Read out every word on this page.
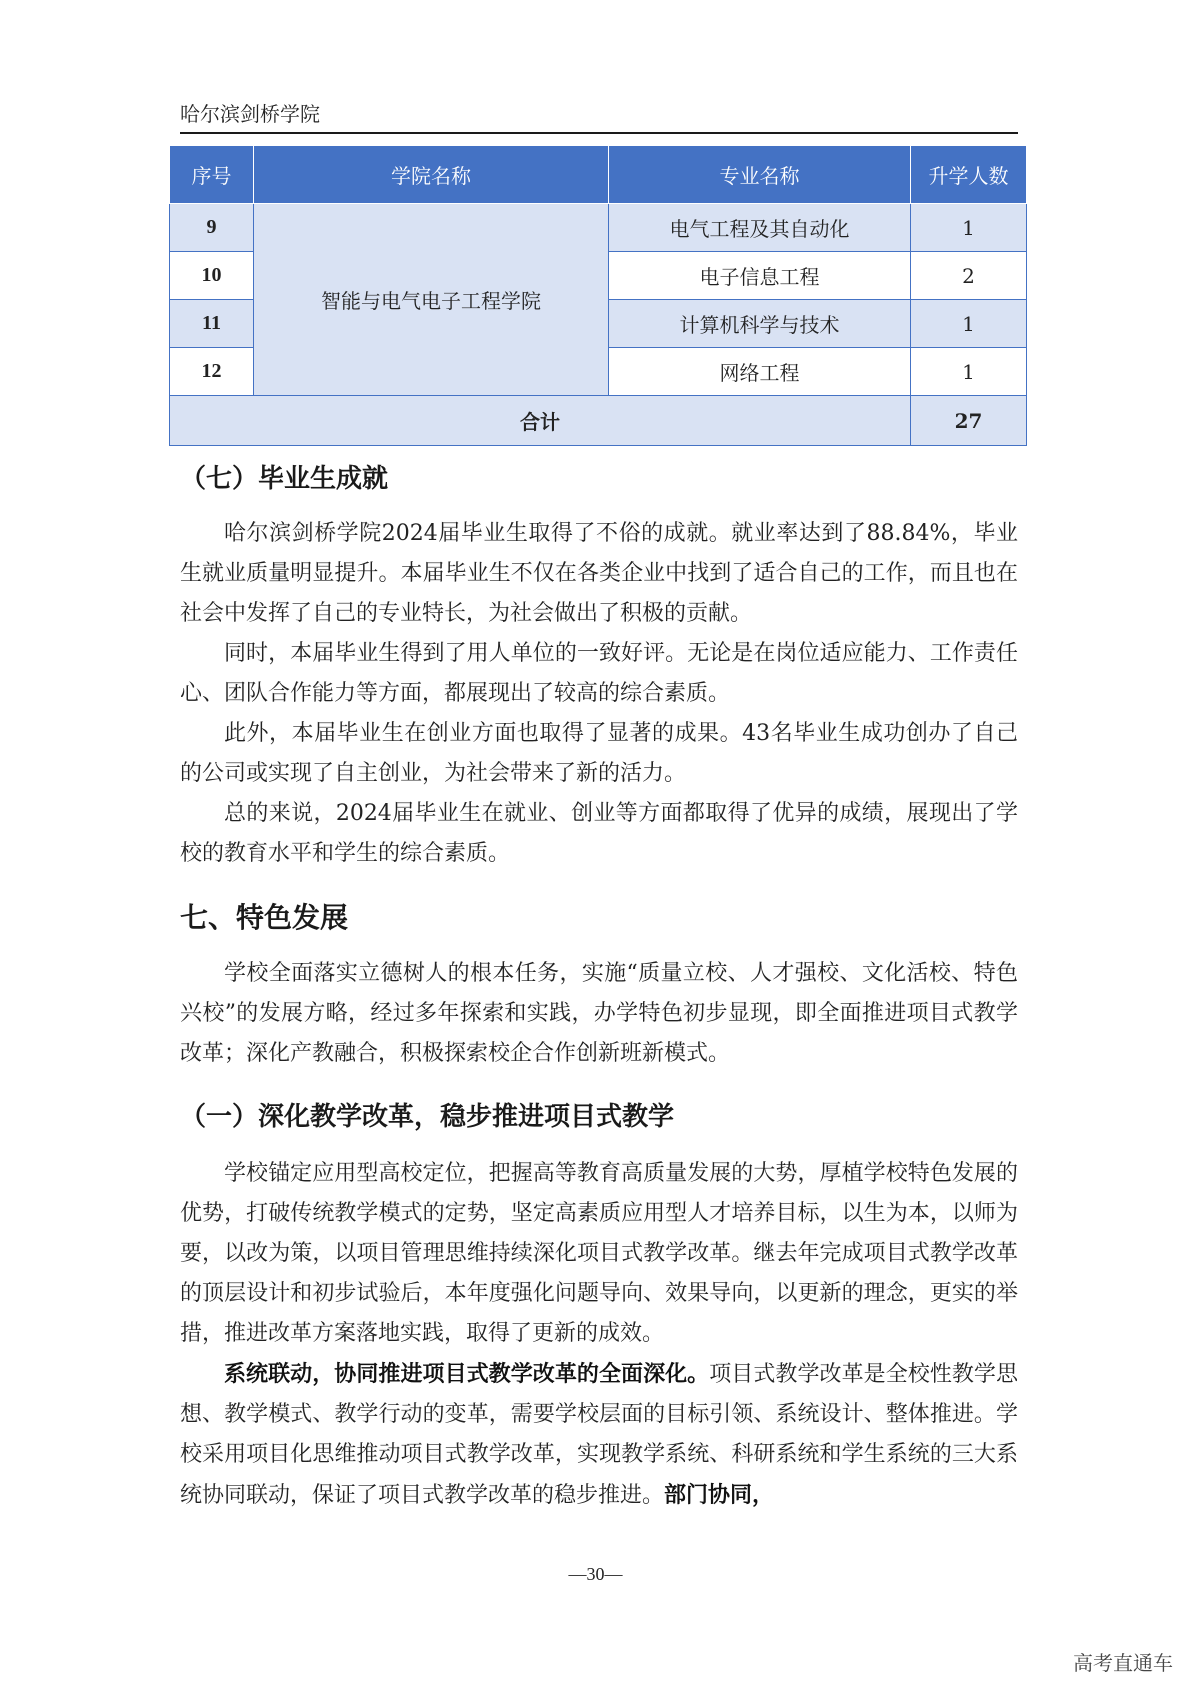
哈尔滨剑桥学院
序号	学院名称	专业名称	升学人数
9	智能与电气电子工程学院	电气工程及其自动化	1
10		电子信息工程	2
11		计算机科学与技术	1
12		网络工程	1
合计			27
（七）毕业生成就

哈尔滨剑桥学院2024届毕业生取得了不俗的成就。就业率达到了88.84%，毕业生就业质量明显提升。本届毕业生不仅在各类企业中找到了适合自己的工作，而且也在社会中发挥了自己的专业特长，为社会做出了积极的贡献。

同时，本届毕业生得到了用人单位的一致好评。无论是在岗位适应能力、工作责任心、团队合作能力等方面，都展现出了较高的综合素质。

此外，本届毕业生在创业方面也取得了显著的成果。43名毕业生成功创办了自己的公司或实现了自主创业，为社会带来了新的活力。

总的来说，2024届毕业生在就业、创业等方面都取得了优异的成绩，展现出了学校的教育水平和学生的综合素质。

七、特色发展

学校全面落实立德树人的根本任务，实施“质量立校、人才强校、文化活校、特色兴校”的发展方略，经过多年探索和实践，办学特色初步显现，即全面推进项目式教学改革；深化产教融合，积极探索校企合作创新班新模式。

（一）深化教学改革，稳步推进项目式教学

学校锚定应用型高校定位，把握高等教育高质量发展的大势，厚植学校特色发展的优势，打破传统教学模式的定势，坚定高素质应用型人才培养目标，以生为本，以师为要，以改为策，以项目管理思维持续深化项目式教学改革。继去年完成项目式教学改革的顶层设计和初步试验后，本年度强化问题导向、效果导向，以更新的理念，更实的举措，推进改革方案落地实践，取得了更新的成效。

系统联动，协同推进项目式教学改革的全面深化。项目式教学改革是全校性教学思想、教学模式、教学行动的变革，需要学校层面的目标引领、系统设计、整体推进。学校采用项目化思维推动项目式教学改革，实现教学系统、科研系统和学生系统的三大系统协同联动，保证了项目式教学改革的稳步推进。部门协同，

—30—
高考直通车
